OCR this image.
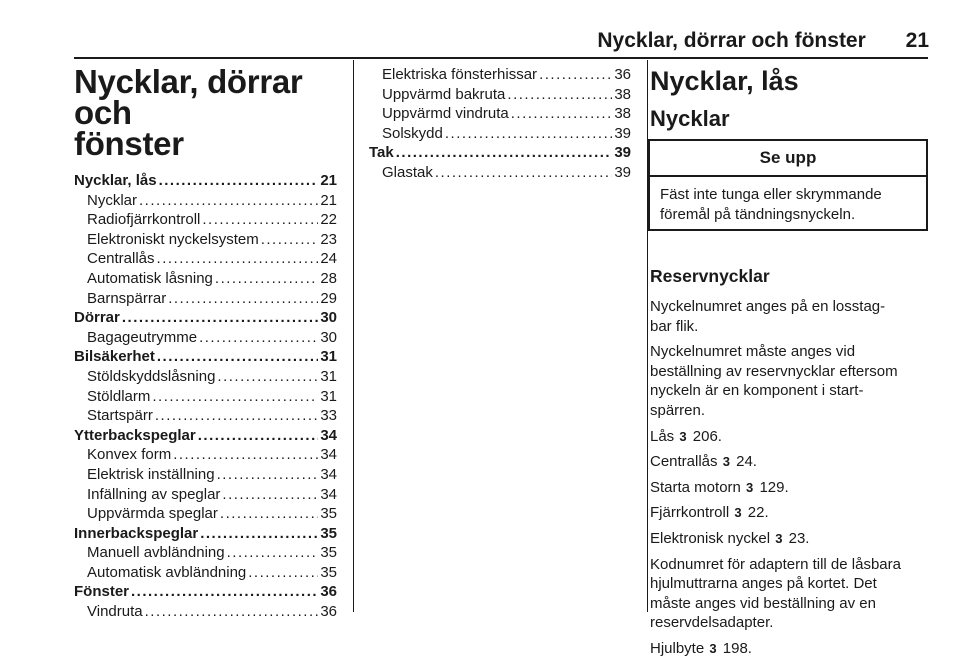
Nycklar, dörrar och fönster 21
Nycklar, dörrar och
fönster
Nycklar, lås .....	21
Nycklar .....	21
Radiofjärrkontroll .....	22
Elektroniskt nyckelsystem .....	23
Centrallås .....	24
Automatisk låsning .....	28
Barnspärrar .....	29
Dörrar .....	30
Bagageutrymme .....	30
Bilsäkerhet .....	31
Stöldskyddslåsning .....	31
Stöldlarm .....	31
Startspärr .....	33
Ytterbackspeglar .....	34
Konvex form .....	34
Elektrisk inställning .....	34
Infällning av speglar .....	34
Uppvärmda speglar .....	35
Innerbackspeglar .....	35
Manuell avbländning .....	35
Automatisk avbländning .....	35
Fönster .....	36
Vindruta .....	36
Elektriska fönsterhissar .....	36
Uppvärmd bakruta .....	38
Uppvärmd vindruta .....	38
Solskydd .....	39
Tak .....	39
Glastak .....	39
Nycklar, lås
Nycklar
Se upp
Fäst inte tunga eller skrymmande
föremål på tändningsnyckeln.
Reservnycklar

Nyckelnumret anges på en losstag-
bar flik.

Nyckelnumret måste anges vid
beställning av reservnycklar eftersom
nyckeln är en komponent i start-
spärren.

Lås 3 206.

Centrallås 3 24.

Starta motorn 3 129.

Fjärrkontroll 3 22.

Elektronisk nyckel 3 23.

Kodnumret för adaptern till de låsbara
hjulmuttrarna anges på kortet. Det
måste anges vid beställning av en
reservdelsadapter.

Hjulbyte 3 198.
